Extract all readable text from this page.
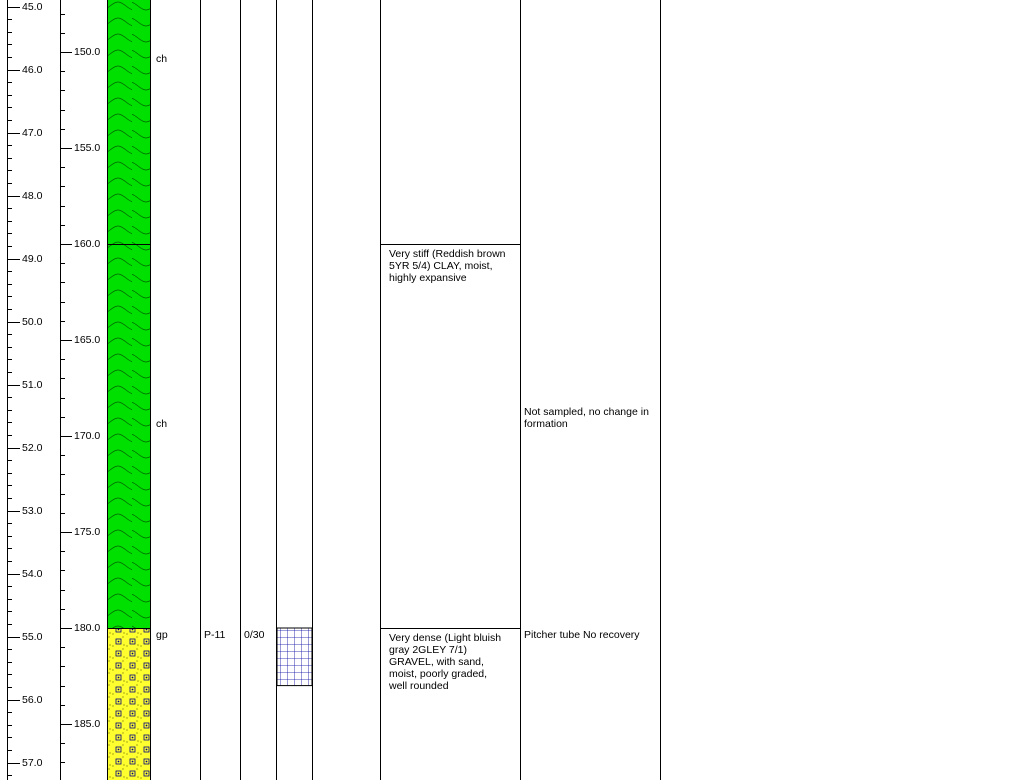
ch
ch
gp
45.0
46.0
47.0
48.0
49.0
50.0
51.0
52.0
53.0
54.0
55.0
56.0
57.0
150.0
155.0
160.0
165.0
170.0
175.0
180.0
185.0
P-11 0/30
Very stiff (Reddish brown
5YR 5/4) CLAY, moist,
highly expansive
Very dense (Light bluish
gray 2GLEY 7/1)
GRAVEL, with sand,
moist, poorly graded,
well rounded
Not sampled, no change in
formation
Pitcher tube No recovery
